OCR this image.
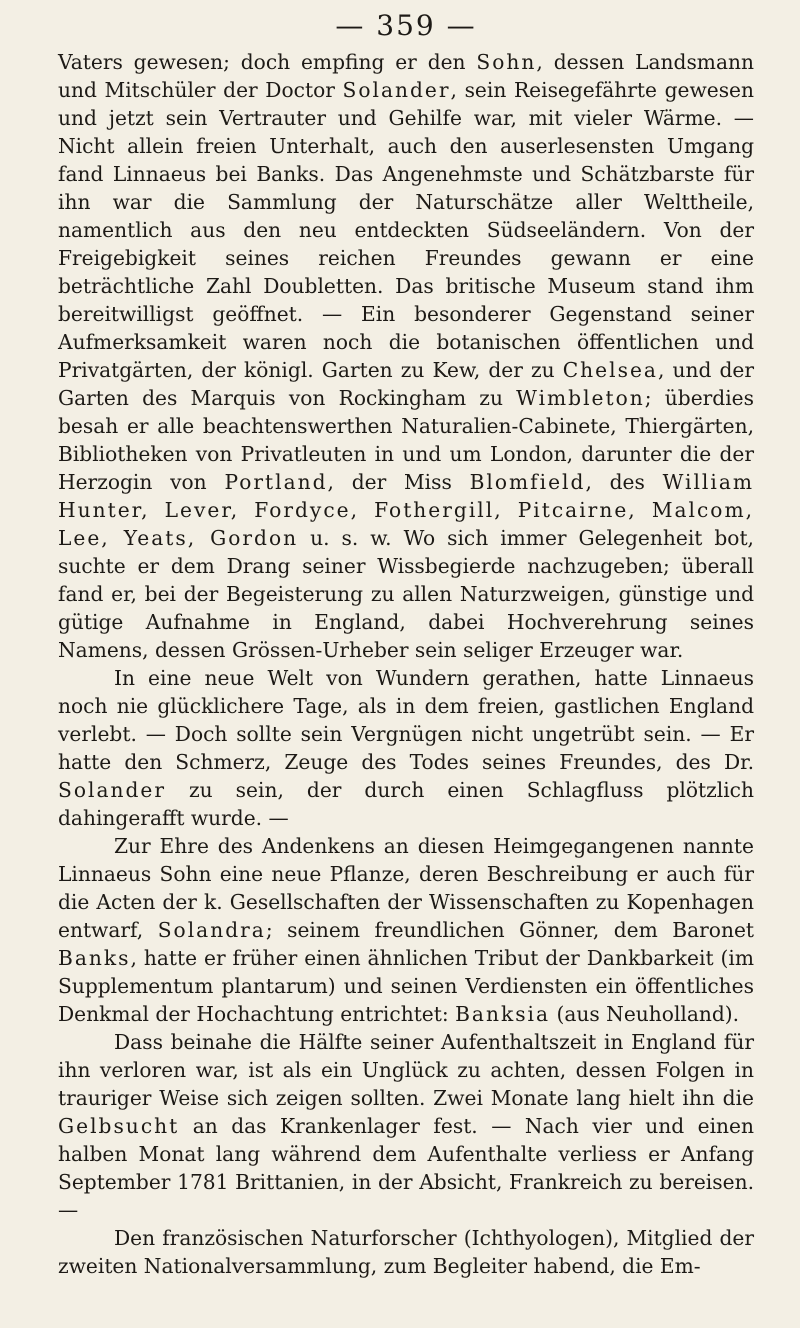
— 359 —

Vaters gewesen; doch empfing er den Sohn, dessen Landsmann und Mitschüler der Doctor Solander, sein Reisegefährte gewesen und jetzt sein Vertrauter und Gehilfe war, mit vieler Wärme. — Nicht allein freien Unterhalt, auch den auserlesensten Umgang fand Linnaeus bei Banks. Das Angenehmste und Schätzbarste für ihn war die Sammlung der Naturschätze aller Welttheile, namentlich aus den neu entdeckten Südseeländern. Von der Freigebigkeit seines reichen Freundes gewann er eine beträchtliche Zahl Doubletten. Das britische Museum stand ihm bereitwilligst geöffnet. — Ein besonderer Gegenstand seiner Aufmerksamkeit waren noch die botanischen öffentlichen und Privatgärten, der königl. Garten zu Kew, der zu Chelsea, und der Garten des Marquis von Rockingham zu Wimbleton; überdies besah er alle beachtenswerthen Naturalien-Cabinete, Thiergärten, Bibliotheken von Privatleuten in und um London, darunter die der Herzogin von Portland, der Miss Blomfield, des William Hunter, Lever, Fordyce, Fothergill, Pitcairne, Malcom, Lee, Yeats, Gordon u. s. w. Wo sich immer Gelegenheit bot, suchte er dem Drang seiner Wissbegierde nachzugeben; überall fand er, bei der Begeisterung zu allen Naturzweigen, günstige und gütige Aufnahme in England, dabei Hochverehrung seines Namens, dessen Grössen-Urheber sein seliger Erzeuger war.

In eine neue Welt von Wundern gerathen, hatte Linnaeus noch nie glücklichere Tage, als in dem freien, gastlichen England verlebt. — Doch sollte sein Vergnügen nicht ungetrübt sein. — Er hatte den Schmerz, Zeuge des Todes seines Freundes, des Dr. Solander zu sein, der durch einen Schlagfluss plötzlich dahingerafft wurde. —

Zur Ehre des Andenkens an diesen Heimgegangenen nannte Linnaeus Sohn eine neue Pflanze, deren Beschreibung er auch für die Acten der k. Gesellschaften der Wissenschaften zu Kopenhagen entwarf, Solandra; seinem freundlichen Gönner, dem Baronet Banks, hatte er früher einen ähnlichen Tribut der Dankbarkeit (im Supplementum plantarum) und seinen Verdiensten ein öffentliches Denkmal der Hochachtung entrichtet: Banksia (aus Neuholland).

Dass beinahe die Hälfte seiner Aufenthaltszeit in England für ihn verloren war, ist als ein Unglück zu achten, dessen Folgen in trauriger Weise sich zeigen sollten. Zwei Monate lang hielt ihn die Gelbsucht an das Krankenlager fest. — Nach vier und einen halben Monat lang während dem Aufenthalte verliess er Anfang September 1781 Brittanien, in der Absicht, Frankreich zu bereisen. —

Den französischen Naturforscher (Ichthyologen), Mitglied der zweiten Nationalversammlung, zum Begleiter habend, die Em-
